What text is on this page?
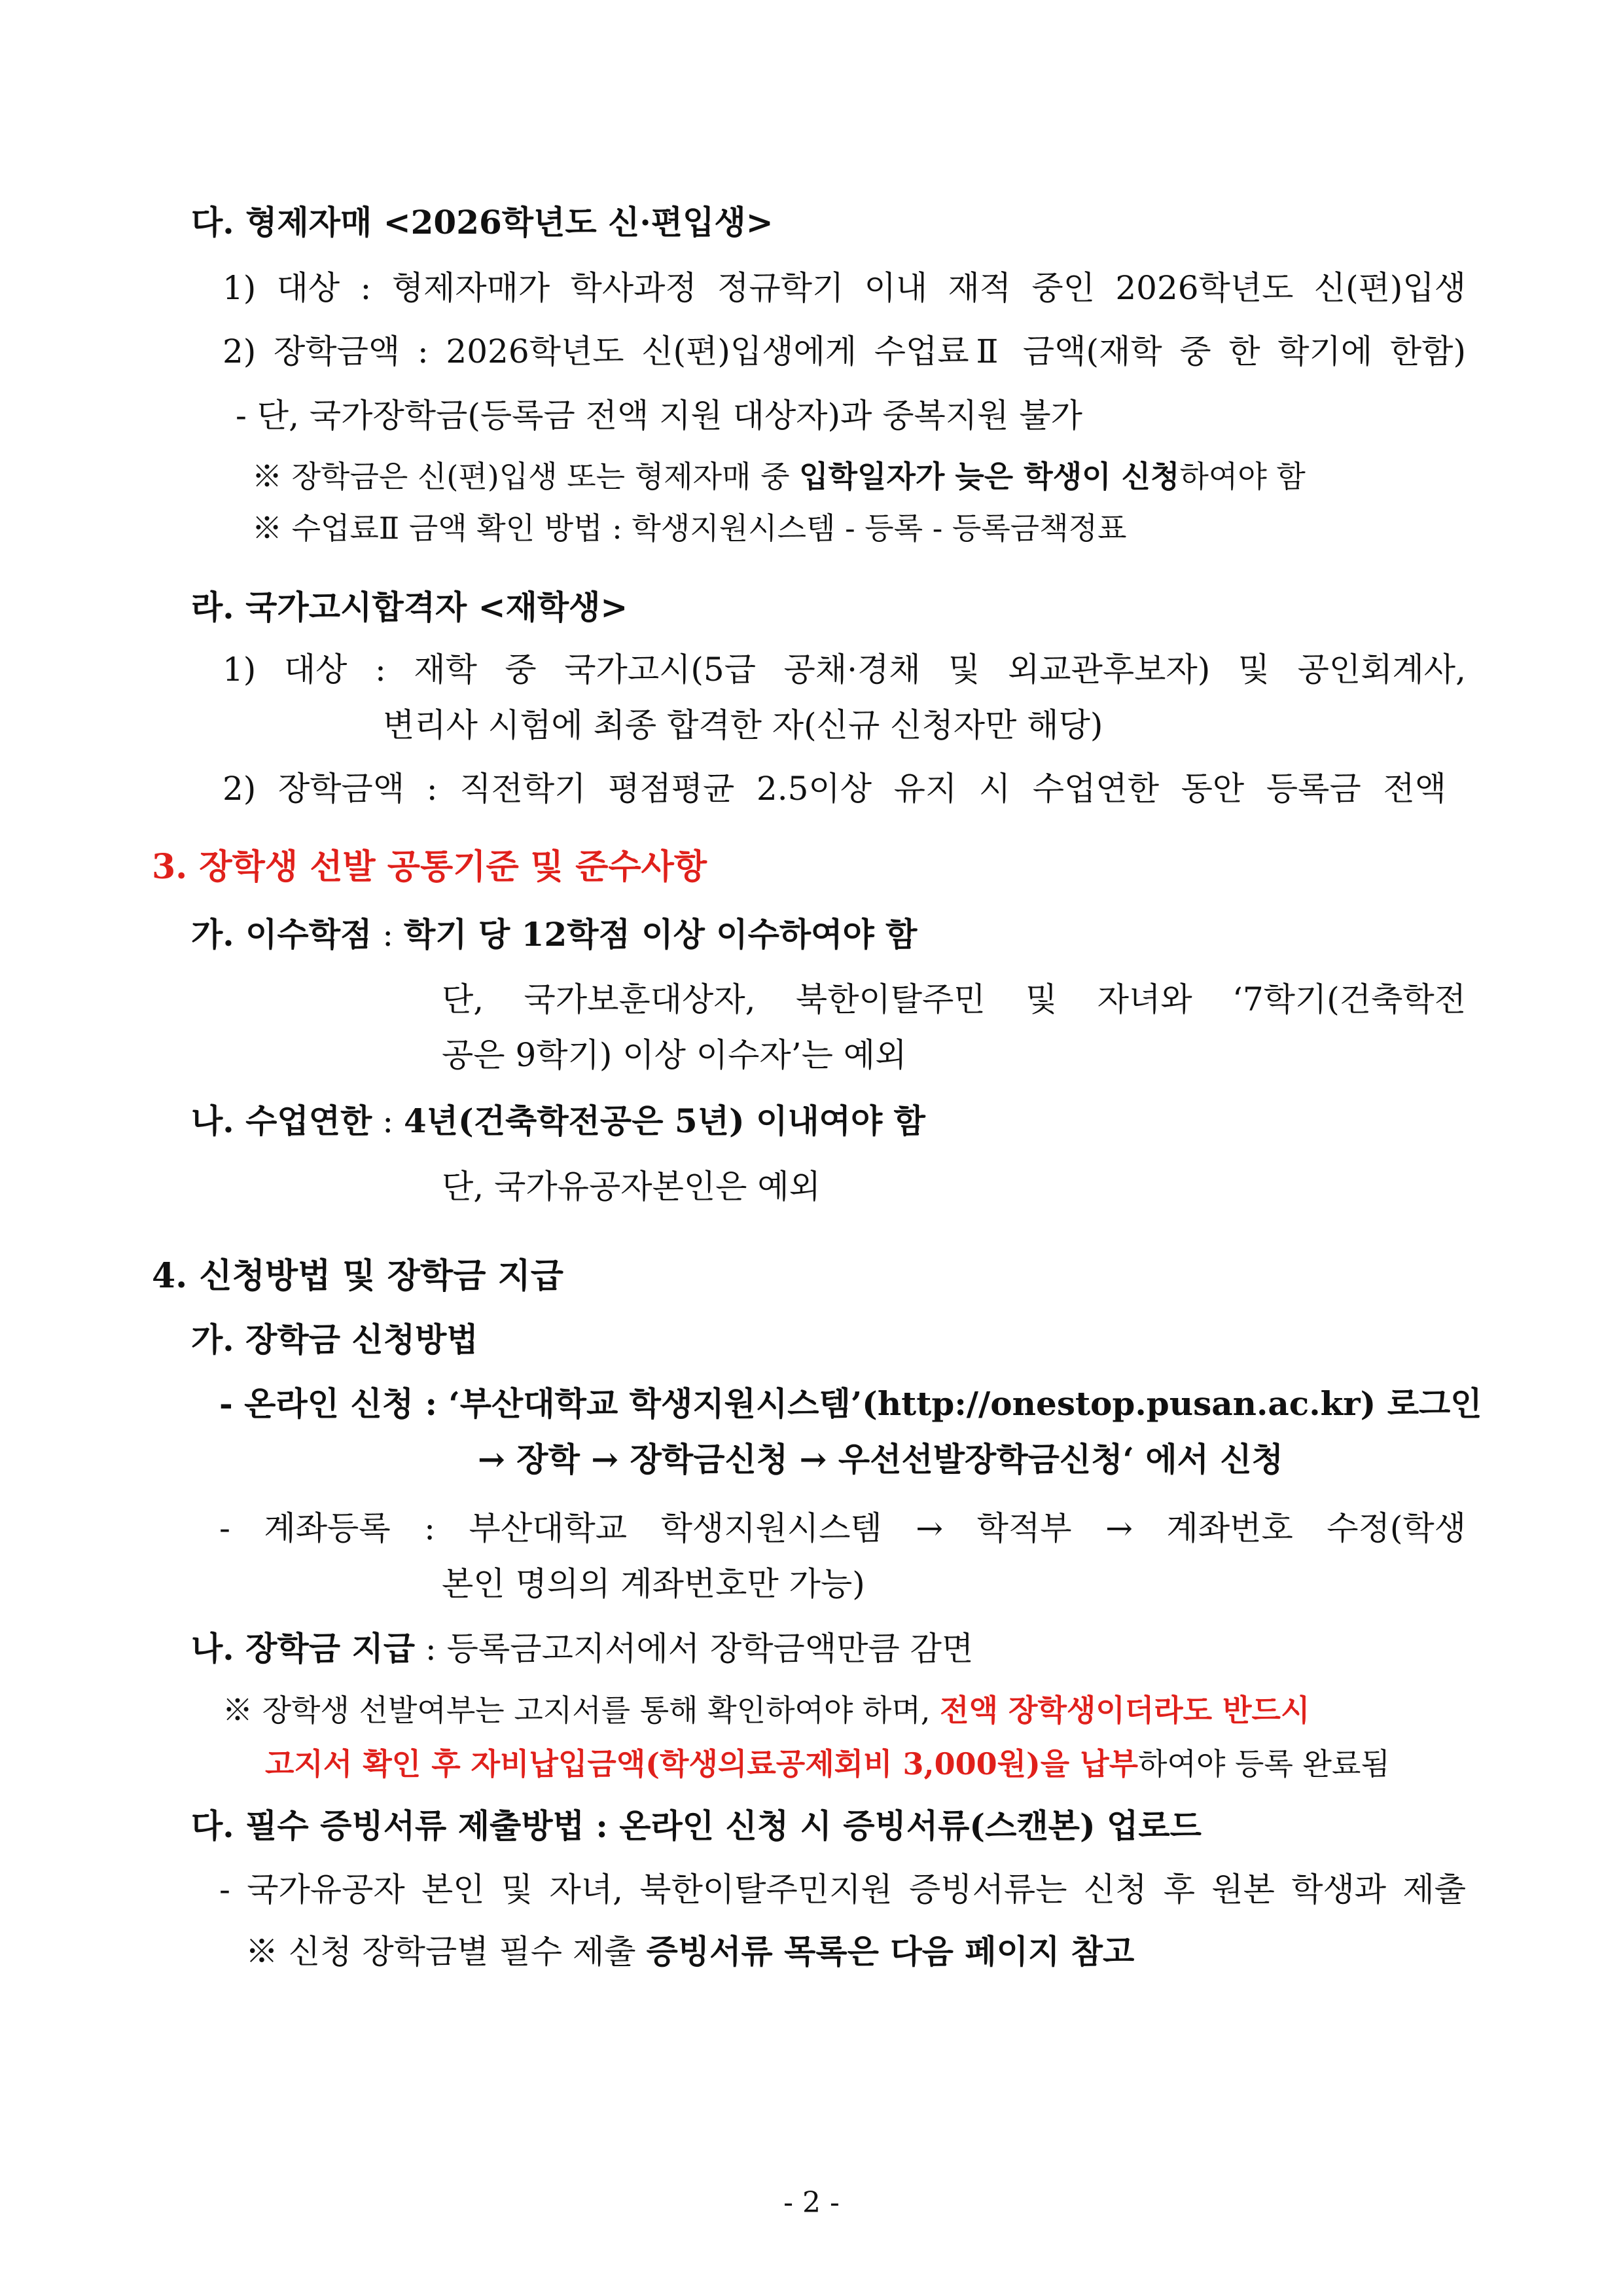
다. 형제자매 <2026학년도 신·편입생>
1) 대상 : 형제자매가 학사과정 정규학기 이내 재적 중인 2026학년도 신(편)입생
2) 장학금액 : 2026학년도 신(편)입생에게 수업료Ⅱ 금액(재학 중 한 학기에 한함)
- 단, 국가장학금(등록금 전액 지원 대상자)과 중복지원 불가
※ 장학금은 신(편)입생 또는 형제자매 중 입학일자가 늦은 학생이 신청하여야 함
※ 수업료Ⅱ 금액 확인 방법 : 학생지원시스템 - 등록 - 등록금책정표
라. 국가고시합격자 <재학생>
1) 대상 : 재학 중 국가고시(5급 공채·경채 및 외교관후보자) 및 공인회계사,
변리사 시험에 최종 합격한 자(신규 신청자만 해당)
2) 장학금액 : 직전학기 평점평균 2.5이상 유지 시 수업연한 동안 등록금 전액
3. 장학생 선발 공통기준 및 준수사항
가. 이수학점 : 학기 당 12학점 이상 이수하여야 함
단, 국가보훈대상자, 북한이탈주민 및 자녀와 ‘7학기(건축학전
공은 9학기) 이상 이수자’는 예외
나. 수업연한 : 4년(건축학전공은 5년) 이내여야 함
단, 국가유공자본인은 예외
4. 신청방법 및 장학금 지급
가. 장학금 신청방법
- 온라인 신청 : ‘부산대학교 학생지원시스템’(http://onestop.pusan.ac.kr) 로그인
→ 장학 → 장학금신청 → 우선선발장학금신청‘ 에서 신청
- 계좌등록 : 부산대학교 학생지원시스템 → 학적부 → 계좌번호 수정(학생
본인 명의의 계좌번호만 가능)
나. 장학금 지급 : 등록금고지서에서 장학금액만큼 감면
※ 장학생 선발여부는 고지서를 통해 확인하여야 하며, 전액 장학생이더라도 반드시
고지서 확인 후 자비납입금액(학생의료공제회비 3,000원)을 납부하여야 등록 완료됨
다. 필수 증빙서류 제출방법 : 온라인 신청 시 증빙서류(스캔본) 업로드
- 국가유공자 본인 및 자녀, 북한이탈주민지원 증빙서류는 신청 후 원본 학생과 제출
※ 신청 장학금별 필수 제출 증빙서류 목록은 다음 페이지 참고
- 2 -
